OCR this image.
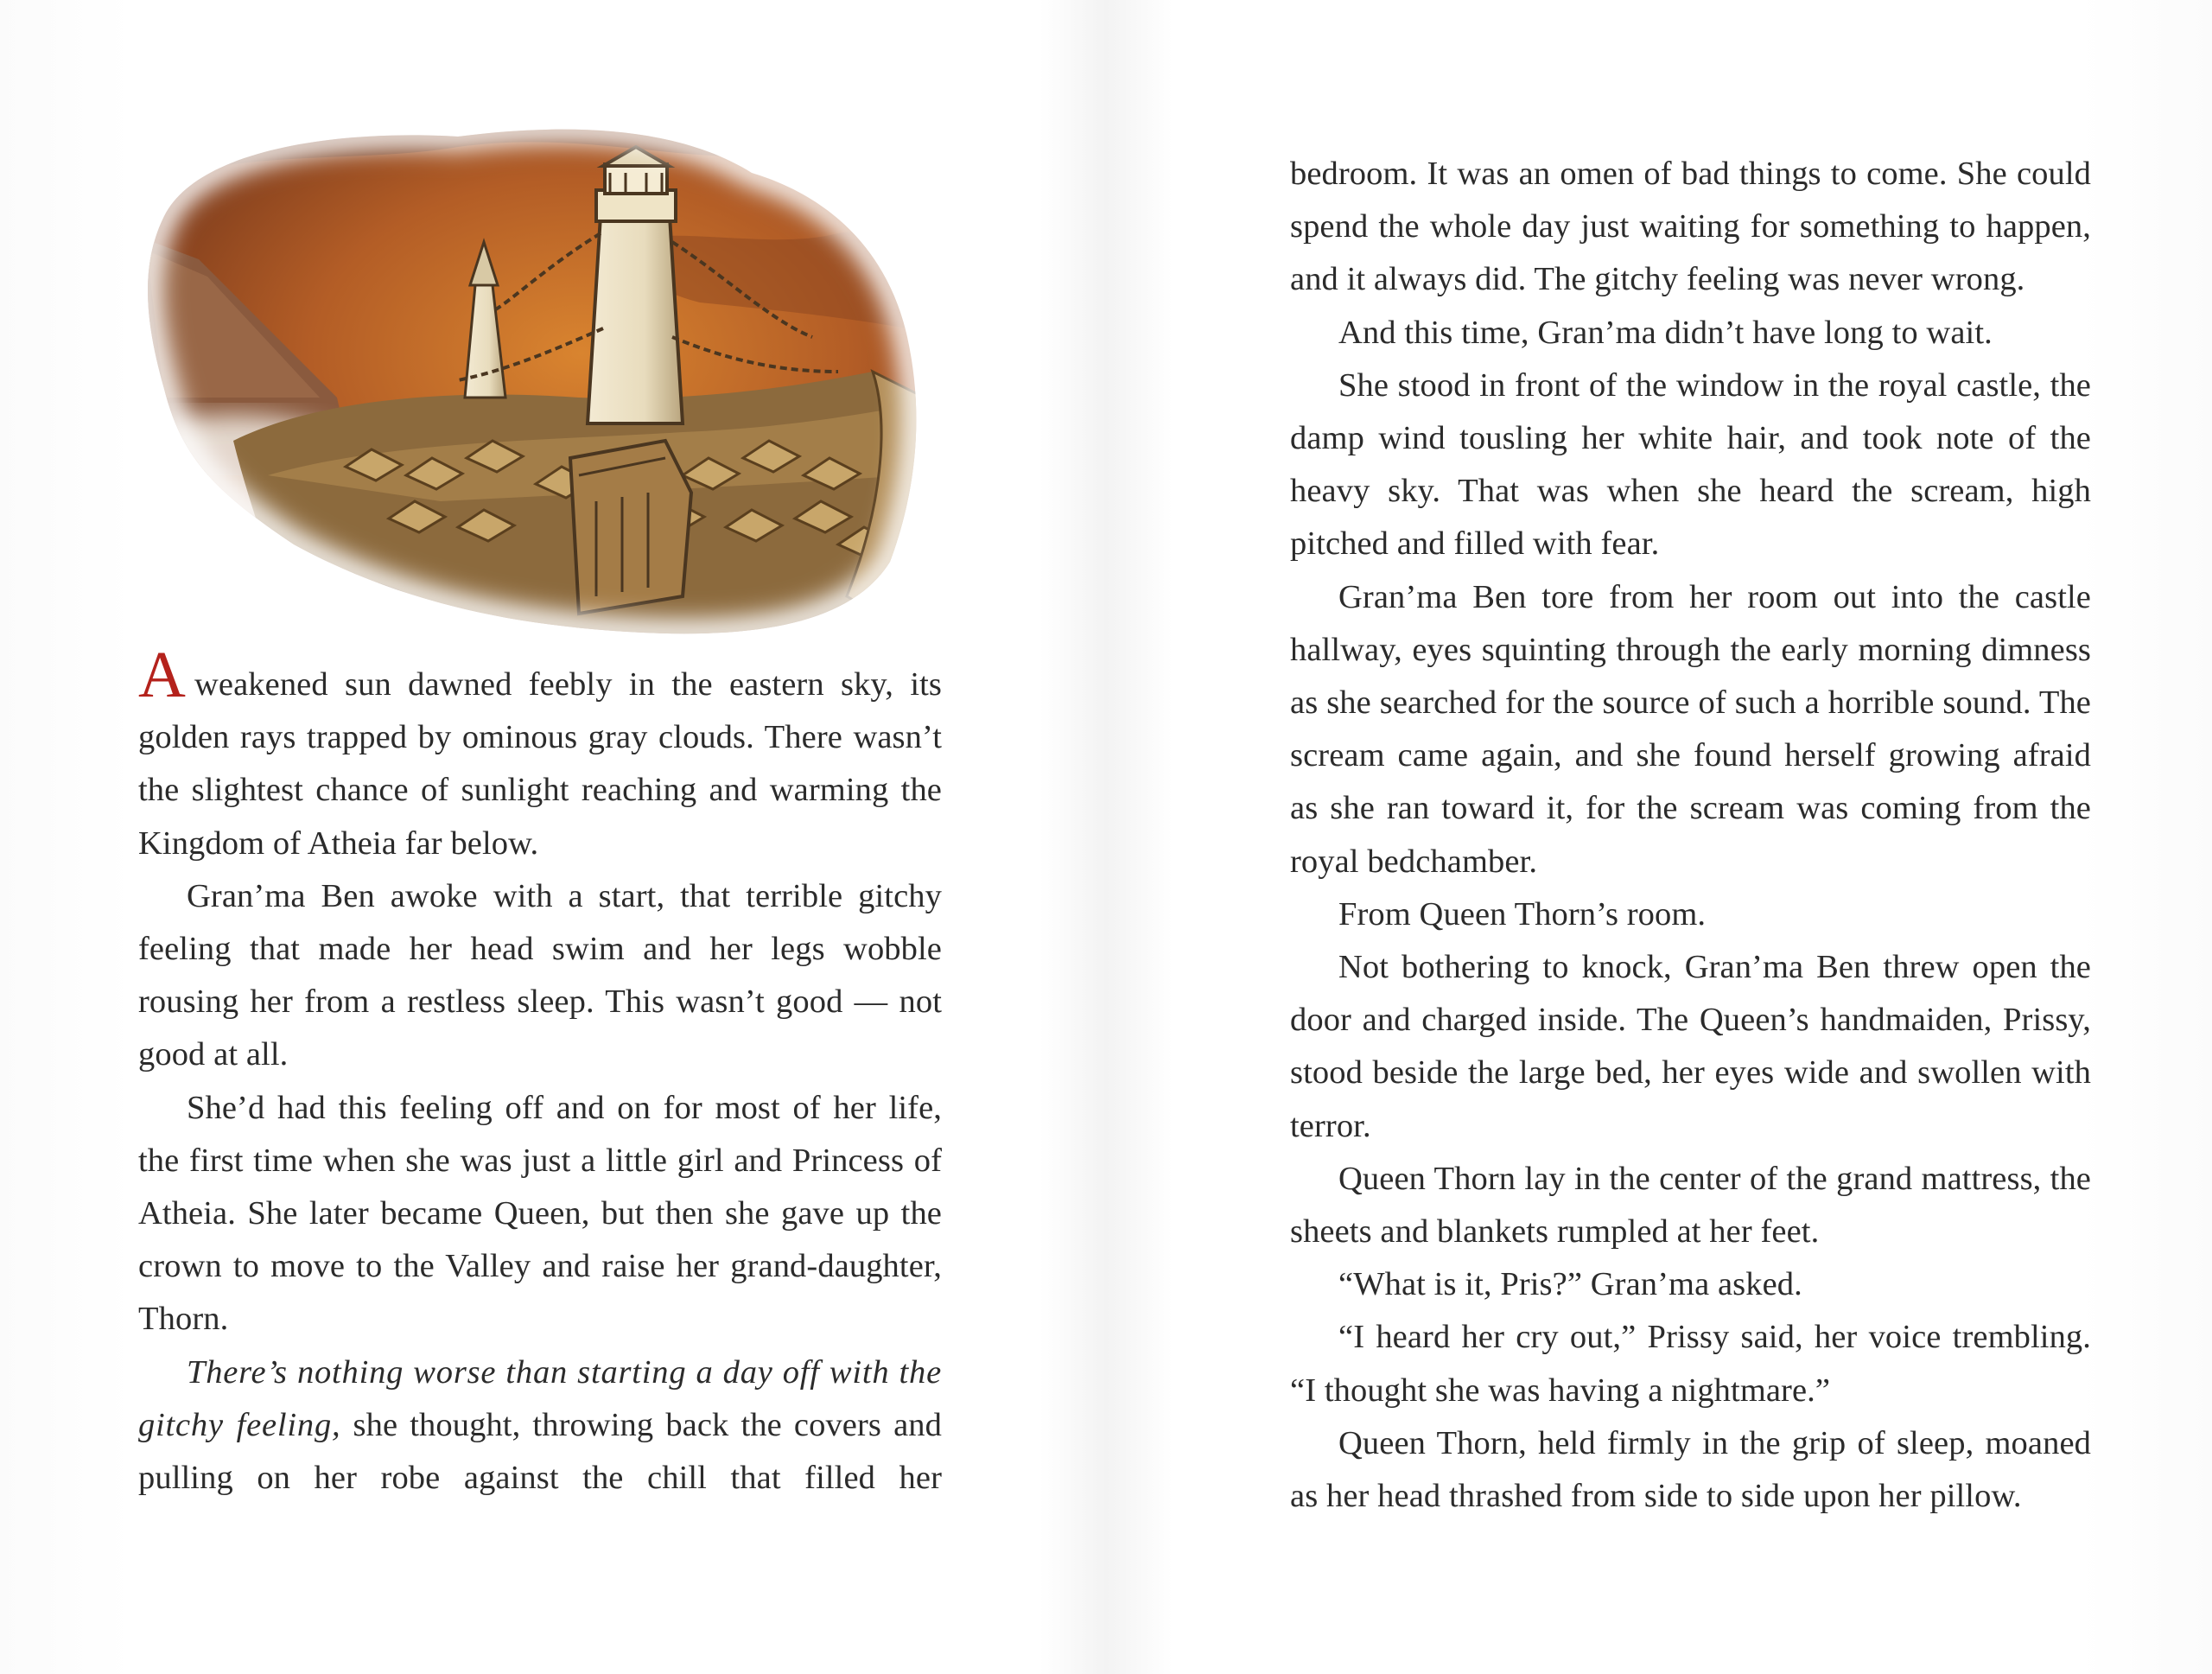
Aweakened sun dawned feebly in the eastern sky, its golden rays trapped by ominous gray clouds. There wasn’t the slightest chance of sunlight reaching and warming the Kingdom of Atheia far below.

Gran’ma Ben awoke with a start, that terrible gitchy feeling that made her head swim and her legs wobble rousing her from a restless sleep. This wasn’t good — not good at all.

She’d had this feeling off and on for most of her life, the first time when she was just a little girl and Princess of Atheia. She later became Queen, but then she gave up the crown to move to the Valley and raise her grand-daughter, Thorn.

There’s nothing worse than starting a day off with the gitchy feeling, she thought, throwing back the covers and pulling on her robe against the chill that filled her

bedroom. It was an omen of bad things to come. She could spend the whole day just waiting for something to happen, and it always did. The gitchy feeling was never wrong.

And this time, Gran’ma didn’t have long to wait.

She stood in front of the window in the royal castle, the damp wind tousling her white hair, and took note of the heavy sky. That was when she heard the scream, high pitched and filled with fear.

Gran’ma Ben tore from her room out into the castle hallway, eyes squinting through the early morning dimness as she searched for the source of such a horrible sound. The scream came again, and she found herself growing afraid as she ran toward it, for the scream was coming from the royal bedchamber.

From Queen Thorn’s room.

Not bothering to knock, Gran’ma Ben threw open the door and charged inside. The Queen’s handmaiden, Prissy, stood beside the large bed, her eyes wide and swollen with terror.

Queen Thorn lay in the center of the grand mattress, the sheets and blankets rumpled at her feet.

“What is it, Pris?” Gran’ma asked.

“I heard her cry out,” Prissy said, her voice trembling. “I thought she was having a nightmare.”

Queen Thorn, held firmly in the grip of sleep, moaned as her head thrashed from side to side upon her pillow.
